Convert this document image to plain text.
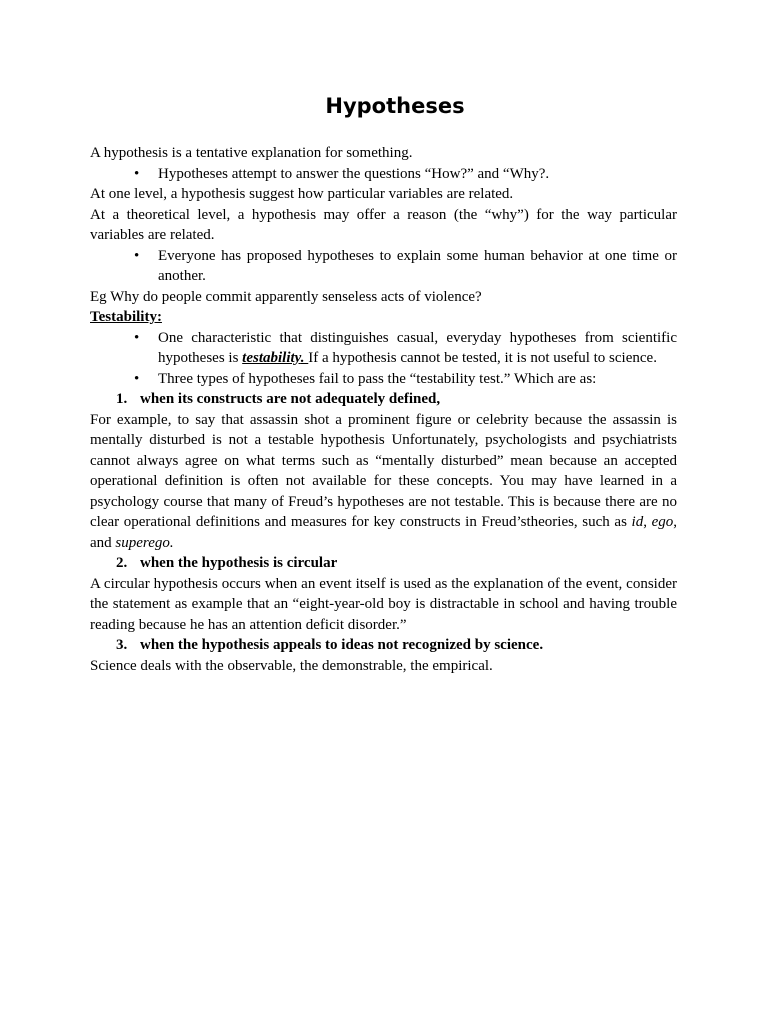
Hypotheses

A hypothesis is a tentative explanation for something.

• Hypotheses attempt to answer the questions “How?” and “Why?.

At one level, a hypothesis suggest how particular variables are related.

At a theoretical level, a hypothesis may offer a reason (the “why”) for the way particular variables are related.

• Everyone has proposed hypotheses to explain some human behavior at one time or another.

Eg Why do people commit apparently senseless acts of violence?

Testability:

• One characteristic that distinguishes casual, everyday hypotheses from scientific hypotheses is testability. If a hypothesis cannot be tested, it is not useful to science.
• Three types of hypotheses fail to pass the “testability test.” Which are as:
1. when its constructs are not adequately defined,

For example, to say that assassin shot a prominent figure or celebrity because the assassin is mentally disturbed is not a testable hypothesis Unfortunately, psychologists and psychiatrists cannot always agree on what terms such as “mentally disturbed” mean because an accepted operational definition is often not available for these concepts. You may have learned in a psychology course that many of Freud’s hypotheses are not testable. This is because there are no clear operational definitions and measures for key constructs in Freud’stheories, such as id, ego, and superego.

2. when the hypothesis is circular

A circular hypothesis occurs when an event itself is used as the explanation of the event, consider the statement as example that an “eight-year-old boy is distractable in school and having trouble reading because he has an attention deficit disorder.”

3. when the hypothesis appeals to ideas not recognized by science.

Science deals with the observable, the demonstrable, the empirical.
